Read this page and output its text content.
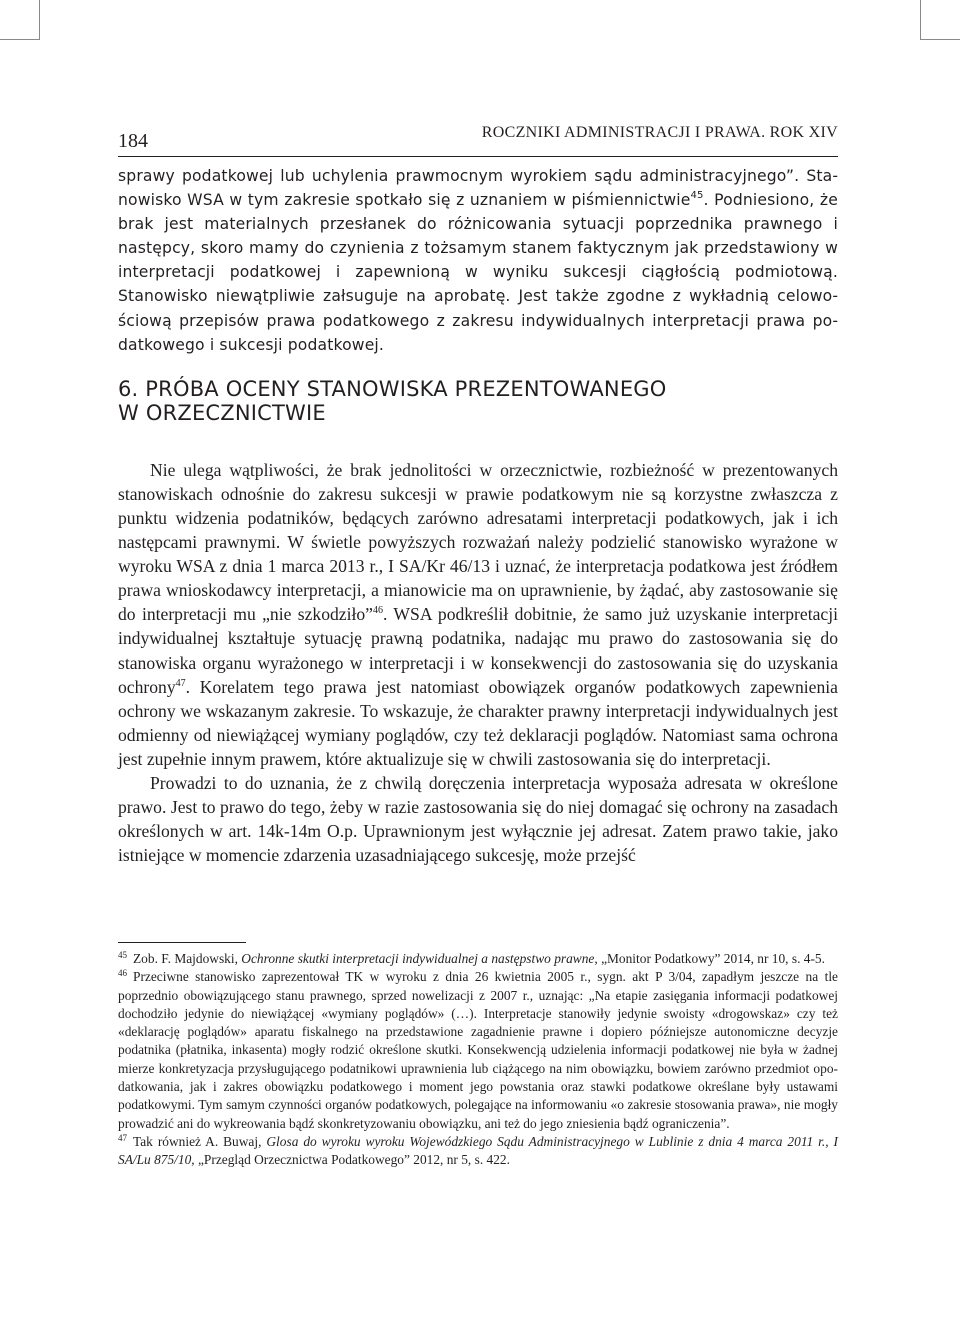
184	ROCZNIKI ADMINISTRACJI I PRAWA. ROK XIV

sprawy podatkowej lub uchylenia prawmocnym wyrokiem sądu administracyjnego”. Stanowisko WSA w tym zakresie spotkało się z uznaniem w piśmiennictwie$^{45}$. Podniesiono, że brak jest materialnych przesłanek do różnicowania sytuacji poprzednika prawnego i następcy, skoro mamy do czynienia z tożsamym stanem faktycznym jak przedstawiony w interpretacji podatkowej i zapewnioną w wyniku sukcesji ciągłością podmiotową. Stanowisko niewątpliwie załsuguje na aprobatę. Jest także zgodne z wykładnią celowościową przepisów prawa podatkowego z zakresu indywidualnych interpretacji prawa podatkowego i sukcesji podatkowej.

6. PRÓBA OCENY STANOWISKA PREZENTOWANEGO
W ORZECZNICTWIE

Nie ulega wątpliwości, że brak jednolitości w orzecznictwie, rozbieżność w prezentowanych stanowiskach odnośnie do zakresu sukcesji w prawie podatkowym nie są korzystne zwłaszcza z punktu widzenia podatników, będących zarówno adresatami interpretacji podatkowych, jak i ich następcami prawnymi. W świetle powyższych rozważań należy podzielić stanowisko wyrażone w wyroku WSA z dnia 1 marca 2013 r., I SA/Kr 46/13 i uznać, że interpretacja podatkowa jest źródłem prawa wnioskodawcy interpretacji, a mianowicie ma on uprawnienie, by żądać, aby zastosowanie się do interpretacji mu „nie szkodziło”$^{46}$. WSA podkreślił dobitnie, że samo już uzyskanie interpretacji indywidualnej kształtuje sytuację prawną podatnika, nadając mu prawo do zastosowania się do stanowiska organu wyrażonego w interpretacji i w konsekwencji do zastosowania się do uzyskania ochrony$^{47}$. Korelatem tego prawa jest natomiast obowiązek organów podatkowych zapewnienia ochrony we wskazanym zakresie. To wskazuje, że charakter prawny interpretacji indywidualnych jest odmienny od niewiążącej wymiany poglądów, czy też deklaracji poglądów. Natomiast sama ochrona jest zupełnie innym prawem, które aktualizuje się w chwili zastosowania się do interpretacji.

Prowadzi to do uznania, że z chwilą doręczenia interpretacja wyposaża adresata w określone prawo. Jest to prawo do tego, żeby w razie zastosowania się do niej domagać się ochrony na zasadach określonych w art. 14k-14m O.p. Uprawnionym jest wyłącznie jej adresat. Zatem prawo takie, jako istniejące w momencie zdarzenia uzasadniającego sukcesję, może przejść

$^{45}$ Zob. F. Majdowski, Ochronne skutki interpretacji indywidualnej a następstwo prawne, „Monitor Podatkowy” 2014, nr 10, s. 4-5.

$^{46}$ Przeciwne stanowisko zaprezentował TK w wyroku z dnia 26 kwietnia 2005 r., sygn. akt P 3/04, zapadłym jeszcze na tle poprzednio obowiązującego stanu prawnego, sprzed nowelizacji z 2007 r., uznając: „Na etapie zasięgania informacji podatkowej dochodziło jedynie do niewiążącej «wymiany poglądów» (…). Interpretacje stanowiły jedynie swoisty «drogowskaz» czy też «deklarację poglądów» aparatu fiskalnego na przedstawione zagadnienie prawne i dopiero późniejsze autonomiczne decyzje podatnika (płatnika, inkasenta) mogły rodzić określone skutki. Konsekwencją udzielenia informacji podatkowej nie była w żadnej mierze konkretyzacja przysługującego podatnikowi uprawnienia lub ciążącego na nim obowiązku, bowiem zarówno przedmiot opodatkowania, jak i zakres obowiązku podatkowego i moment jego powstania oraz stawki podatkowe określane były ustawami podatkowymi. Tym samym czynności organów podatkowych, polegające na informowaniu «o zakresie stosowania prawa», nie mogły prowadzić ani do wykreowania bądź skonkretyzowaniu obowiązku, ani też do jego zniesienia bądź ograniczenia”.

$^{47}$ Tak również A. Buwaj, Glosa do wyroku wyroku Wojewódzkiego Sądu Administracyjnego w Lublinie z dnia 4 marca 2011 r., I SA/Lu 875/10, „Przegląd Orzecznictwa Podatkowego” 2012, nr 5, s. 422.
